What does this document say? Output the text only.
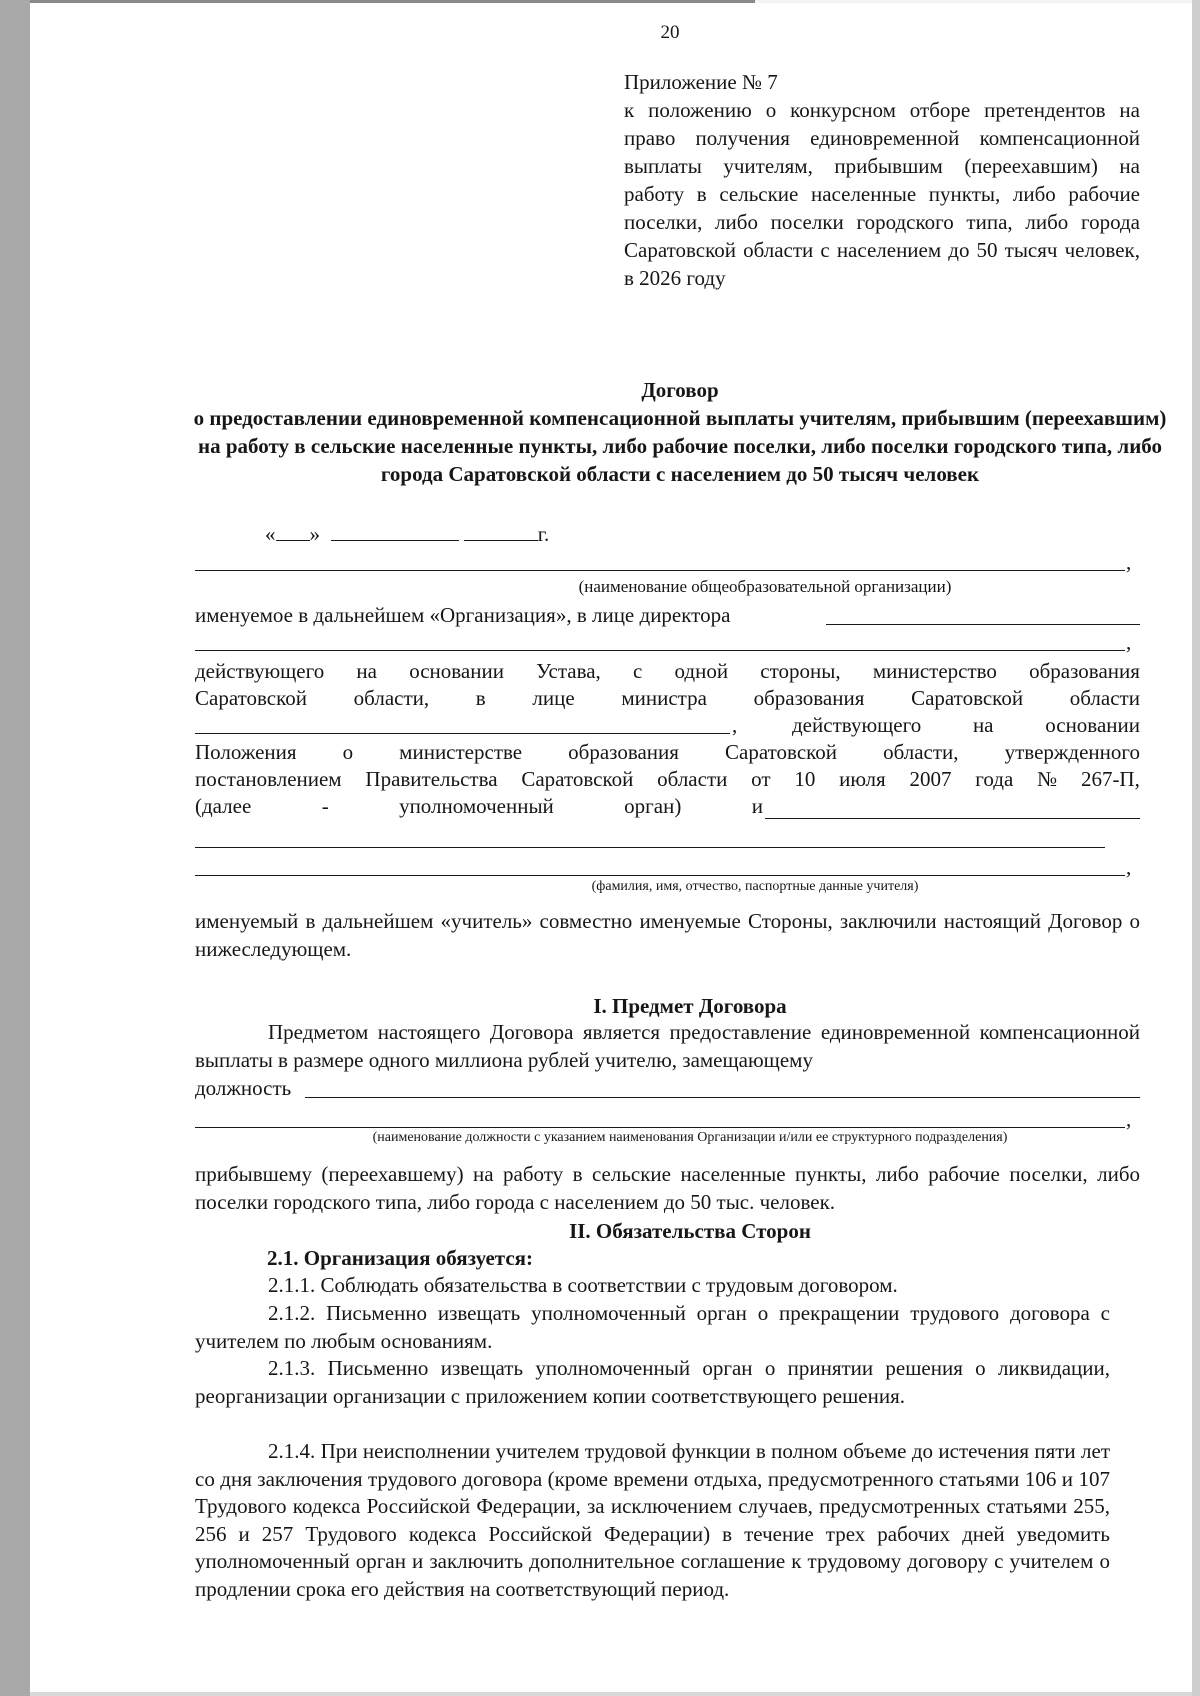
20
Приложение № 7
к положению о конкурсном отборе претендентов на право получения единовременной компенсационной выплаты учителям, прибывшим (переехавшим) на работу в сельские населенные пункты, либо рабочие поселки, либо поселки городского типа, либо города Саратовской области с населением до 50 тысяч человек, в 2026 году
Договор
о предоставлении единовременной компенсационной выплаты учителям, прибывшим (переехавшим) на работу в сельские населенные пункты, либо рабочие поселки, либо поселки городского типа, либо города Саратовской области с населением до 50 тысяч человек
« »	г.
,
(наименование общеобразовательной организации)
именуемое в дальнейшем «Организация», в лице директора
,
действующего на основании Устава, с одной стороны, министерство образования
Саратовской области, в лице министра образования Саратовской области
,	действующего на основании
Положения о министерстве образования Саратовской области, утвержденного
постановлением Правительства Саратовской области от 10 июля 2007 года № 267-П,
(далее	-	уполномоченный	орган)	и
,
(фамилия, имя, отчество, паспортные данные учителя)
именуемый в дальнейшем «учитель» совместно именуемые Стороны, заключили настоящий Договор о нижеследующем.
I. Предмет Договора
Предметом настоящего Договора является предоставление единовременной компенсационной выплаты в размере одного миллиона рублей учителю, замещающему
должность
,
(наименование должности с указанием наименования Организации и/или ее структурного подразделения)
прибывшему (переехавшему) на работу в сельские населенные пункты, либо рабочие поселки, либо поселки городского типа, либо города с населением до 50 тыс. человек.
II. Обязательства Сторон
2.1. Организация обязуется:
2.1.1. Соблюдать обязательства в соответствии с трудовым договором.
2.1.2. Письменно извещать уполномоченный орган о прекращении трудового договора с учителем по любым основаниям.
2.1.3. Письменно извещать уполномоченный орган о принятии решения о ликвидации, реорганизации организации с приложением копии соответствующего решения.
2.1.4. При неисполнении учителем трудовой функции в полном объеме до истечения пяти лет со дня заключения трудового договора (кроме времени отдыха, предусмотренного статьями 106 и 107 Трудового кодекса Российской Федерации, за исключением случаев, предусмотренных статьями 255, 256 и 257 Трудового кодекса Российской Федерации) в течение трех рабочих дней уведомить уполномоченный орган и заключить дополнительное соглашение к трудовому договору с учителем о продлении срока его действия на соответствующий период.
